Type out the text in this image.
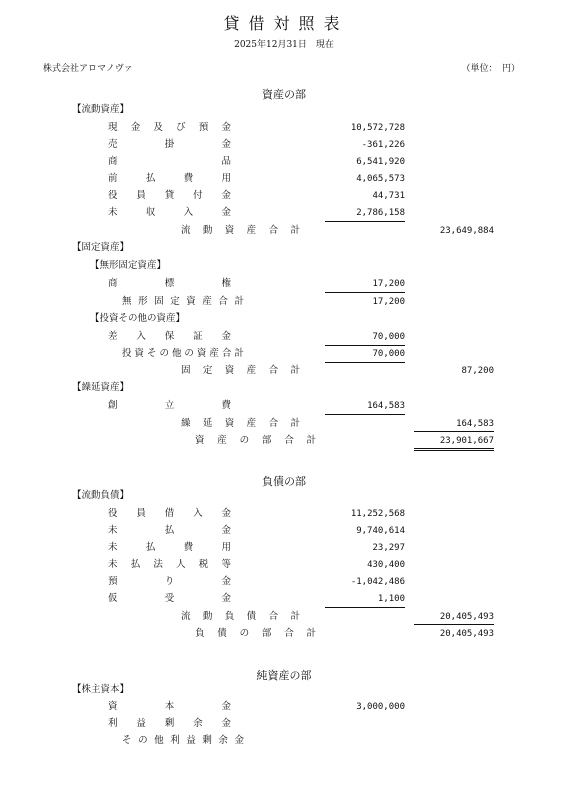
貸借対照表
2025年12月31日　現在
株式会社アロマノヴァ	（単位：　円）
資産の部
【流動資産】
現 金 及 び 預 金	10,572,728
売	掛	金	-361,226
商	品	6,541,920
前	払	費	用	4,065,573
役 員 貸 付 金	44,731
未	収	入	金	2,786,158
流 動 資 産 合 計	23,649,884
【固定資産】
【無形固定資産】
商	標	権	17,200
無 形 固 定 資 産 合 計	17,200
【投資その他の資産】
差 入 保 証 金	70,000
投 資 そ の 他 の 資 産 合 計	70,000
固 定 資 産 合 計	87,200
【繰延資産】
創	立	費	164,583
繰 延 資 産 合 計	164,583
資 産 の 部 合 計	23,901,667
負債の部
【流動負債】
役 員 借 入 金	11,252,568
未	払	金	9,740,614
未	払	費	用	23,297
未 払 法 人 税 等	430,400
預	り	金	-1,042,486
仮	受	金	1,100
流 動 負 債 合 計	20,405,493
負 債 の 部 合 計	20,405,493
純資産の部
【株主資本】
資	本	金	3,000,000
利 益 剰 余 金
そ の 他 利 益 剰 余 金
